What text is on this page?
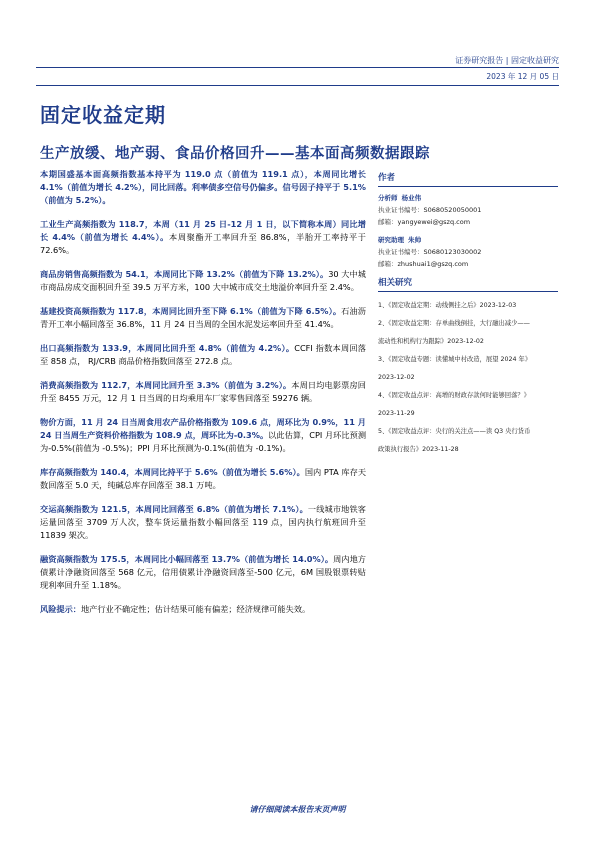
证券研究报告 | 固定收益研究
2023 年 12 月 05 日
固定收益定期
生产放缓、地产弱、食品价格回升——基本面高频数据跟踪
本期国盛基本面高频指数基本持平为 119.0 点（前值为 119.1 点），本周同比增长 4.1%（前值为增长 4.2%），同比回落。利率债多空信号仍偏多。信号因子持平于 5.1%（前值为 5.2%）。
工业生产高频指数为 118.7，本周（11 月 25 日-12 月 1 日，以下简称本周）同比增长 4.4%（前值为增长 4.4%）。本周聚酯开工率回升至 86.8%，半胎开工率持平于 72.6%。
商品房销售高频指数为 54.1，本周同比下降 13.2%（前值为下降 13.2%）。30 大中城市商品房成交面积回升至 39.5 万平方米，100 大中城市成交土地溢价率回升至 2.4%。
基建投资高频指数为 117.8，本周同比回升至下降 6.1%（前值为下降 6.5%）。石油沥青开工率小幅回落至 36.8%，11 月 24 日当周的全国水泥发运率回升至 41.4%。
出口高频指数为 133.9，本周同比回升至 4.8%（前值为 4.2%）。CCFI 指数本周回落至 858 点， RJ/CRB 商品价格指数回落至 272.8 点。
消费高频指数为 112.7，本周同比回升至 3.3%（前值为 3.2%）。本周日均电影票房回升至 8455 万元，12 月 1 日当周的日均乘用车厂家零售回落至 59276 辆。
物价方面，11 月 24 日当周食用农产品价格指数为 109.6 点，周环比为 0.9%，11 月 24 日当周生产资料价格指数为 108.9 点，周环比为-0.3%。以此估算，CPI 月环比预测为-0.5%(前值为 -0.5%)；PPI 月环比预测为-0.1%(前值为 -0.1%)。
库存高频指数为 140.4，本周同比持平于 5.6%（前值为增长 5.6%）。国内 PTA 库存天数回落至 5.0 天，纯碱总库存回落至 38.1 万吨。
交运高频指数为 121.5，本周同比回落至 6.8%（前值为增长 7.1%）。一线城市地铁客运量回落至 3709 万人次，整车货运量指数小幅回落至 119 点，国内执行航班回升至 11839 架次。
融资高频指数为 175.5，本周同比小幅回落至 13.7%（前值为增长 14.0%）。周内地方债累计净融资回落至 568 亿元，信用债累计净融资回落至-500 亿元，6M 国股银票转贴现利率回升至 1.18%。
风险提示：地产行业不确定性；估计结果可能有偏差；经济规律可能失效。
作者
分析师 杨业伟
执业证书编号：S0680520050001
邮箱：yangyewei@gszq.com
研究助理 朱帅
执业证书编号：S0680123030002
邮箱：zhushuai1@gszq.com
相关研究
1、《固定收益定期：动线侧挂之后》2023-12-03
2、《固定收益定期：存单曲线倒挂，大行融出减少——
流动性和机构行为跟踪》2023-12-02
3、《固定收益专题：读懂城中村改造，展望 2024 年》
2023-12-02
4、《固定收益点评：高增的财政存款何时能够回落？》
2023-11-29
5、《固定收益点评：央行的关注点——读 Q3 央行货币
政策执行报告》2023-11-28
请仔细阅读本报告末页声明
